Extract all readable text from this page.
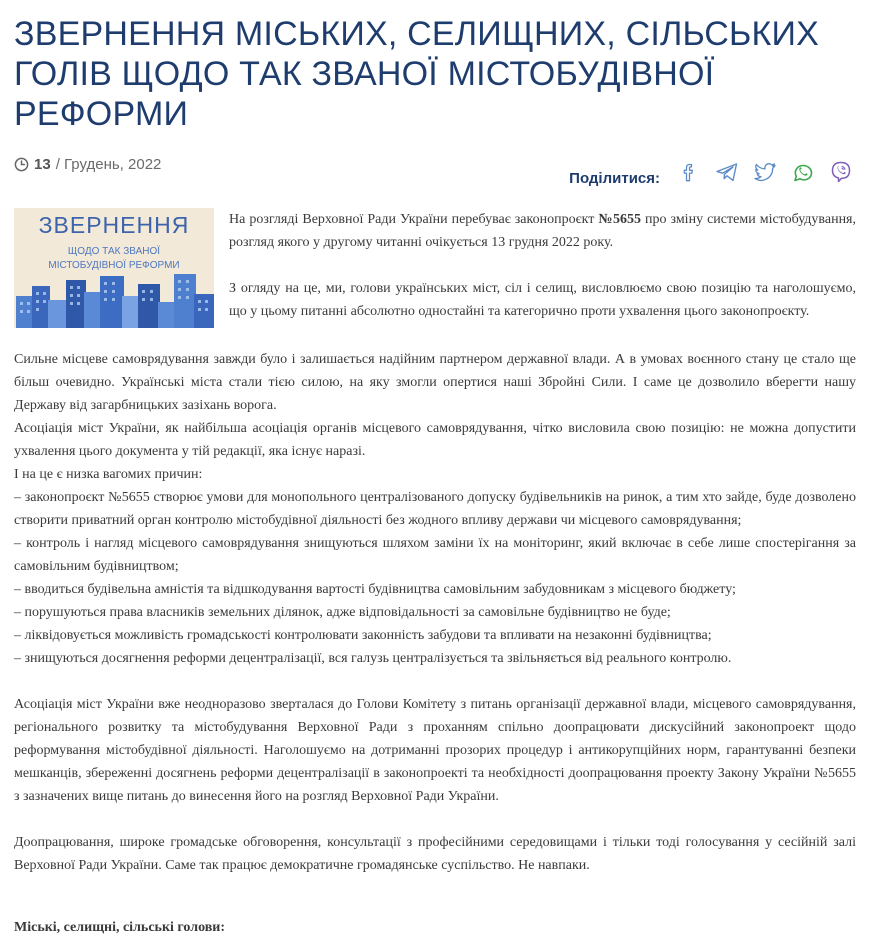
ЗВЕРНЕННЯ МІСЬКИХ, СЕЛИЩНИХ, СІЛЬСЬКИХ ГОЛІВ ЩОДО ТАК ЗВАНОЇ МІСТОБУДІВНОЇ РЕФОРМИ
13 / Грудень, 2022
Поділитися:
ЗВЕРНЕННЯ
ЩОДО ТАК ЗВАНОЇ
МІСТОБУДІВНОЇ РЕФОРМИ

На розгляді Верховної Ради України перебуває законопроєкт №5655 про зміну системи містобудування, розгляд якого у другому читанні очікується 13 грудня 2022 року.

З огляду на це, ми, голови українських міст, сіл і селищ, висловлюємо свою позицію та наголошуємо, що у цьому питанні абсолютно одностайні та категорично проти ухвалення цього законопроєкту.

Сильне місцеве самоврядування завжди було і залишається надійним партнером державної влади. А в умовах воєнного стану це стало ще більш очевидно. Українські міста стали тією силою, на яку змогли опертися наші Збройні Сили. І саме це дозволило вберегти нашу Державу від загарбницьких зазіхань ворога.

Асоціація міст України, як найбільша асоціація органів місцевого самоврядування, чітко висловила свою позицію: не можна допустити ухвалення цього документа у тій редакції, яка існує наразі.

І на це є низка вагомих причин:

– законопроєкт №5655 створює умови для монопольного централізованого допуску будівельників на ринок, а тим хто зайде, буде дозволено створити приватний орган контролю містобудівної діяльності без жодного впливу держави чи місцевого самоврядування;

– контроль і нагляд місцевого самоврядування знищуються шляхом заміни їх на моніторинг, який включає в себе лише спостерігання за самовільним будівництвом;

– вводиться будівельна амністія та відшкодування вартості будівництва самовільним забудовникам з місцевого бюджету;

– порушуються права власників земельних ділянок, адже відповідальності за самовільне будівництво не буде;

– ліквідовується можливість громадськості контролювати законність забудови та впливати на незаконні будівництва;

– знищуються досягнення реформи децентралізації, вся галузь централізується та звільняється від реального контролю.

Асоціація міст України вже неодноразово зверталася до Голови Комітету з питань організації державної влади, місцевого самоврядування, регіонального розвитку та містобудування Верховної Ради з проханням спільно доопрацювати дискусійний законопроект щодо реформування містобудівної діяльності. Наголошуємо на дотриманні прозорих процедур і антикорупційних норм, гарантуванні безпеки мешканців, збереженні досягнень реформи децентралізації в законопроекті та необхідності доопрацювання проекту Закону України №5655 з зазначених вище питань до винесення його на розгляд Верховної Ради України.

Доопрацювання, широке громадське обговорення, консультації з професійними середовищами і тільки тоді голосування у сесійній залі Верховної Ради України. Саме так працює демократичне громадянське суспільство. Не навпаки.

Міські, селищні, сільські голови:
